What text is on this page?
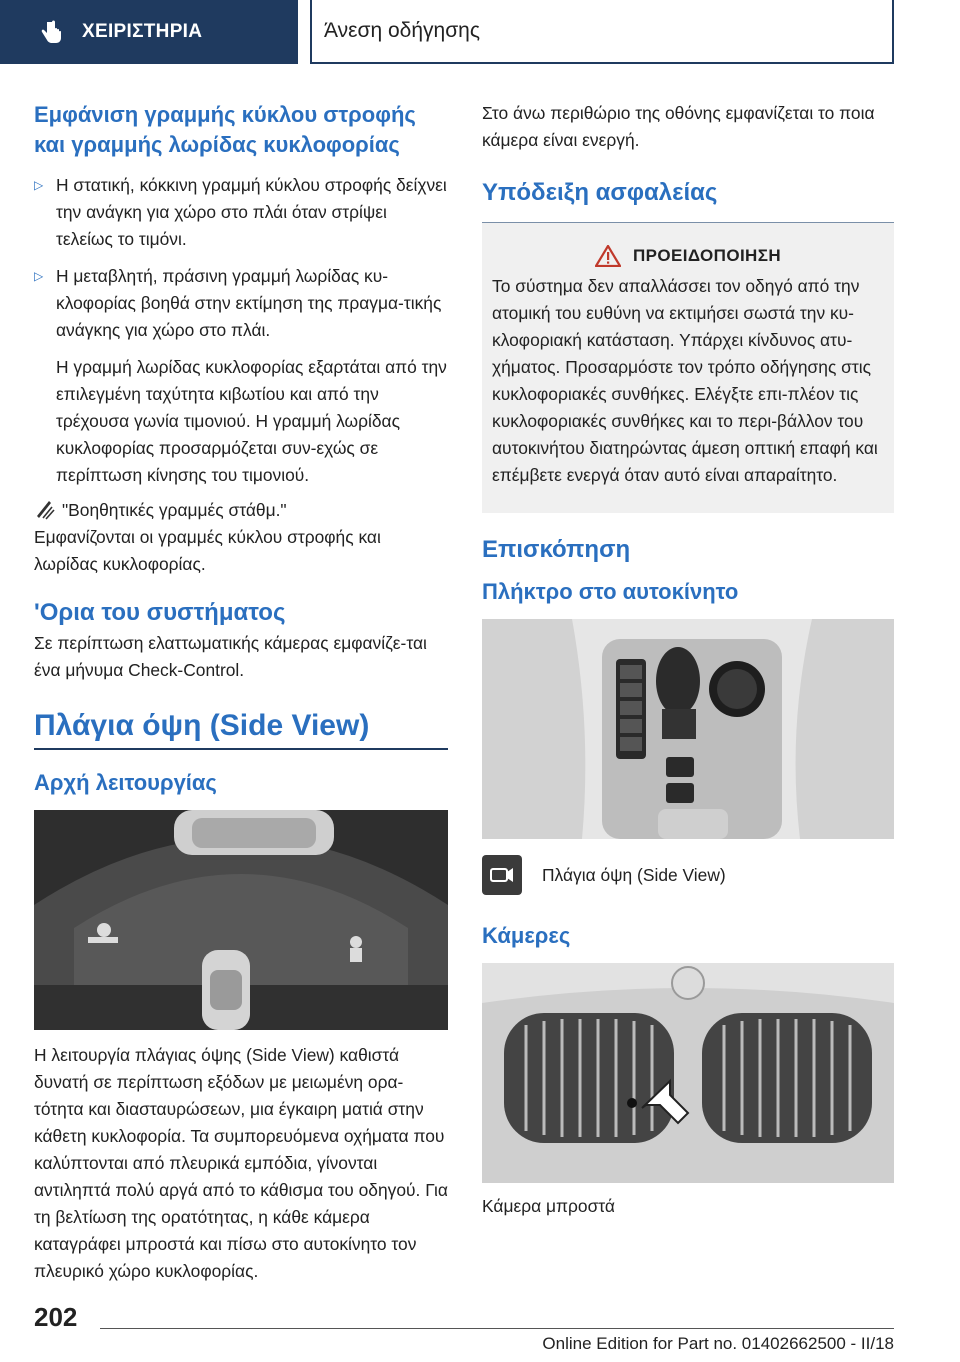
ΧΕΙΡΙΣΤΗΡΙΑ	Άνεση οδήγησης
Εμφάνιση γραμμής κύκλου στροφής και γραμμής λωρίδας κυκλοφορίας
▷ Η στατική, κόκκινη γραμμή κύκλου στροφής δείχνει την ανάγκη για χώρο στο πλάι όταν στρίψει τελείως το τιμόνι.
▷ Η μεταβλητή, πράσινη γραμμή λωρίδας κυ-κλοφορίας βοηθά στην εκτίμηση της πραγμα-τικής ανάγκης για χώρο στο πλάι.

Η γραμμή λωρίδας κυκλοφορίας εξαρτάται από την επιλεγμένη ταχύτητα κιβωτίου και από την τρέχουσα γωνία τιμονιού. Η γραμμή λωρίδας κυκλοφορίας προσαρμόζεται συν-εχώς σε περίπτωση κίνησης του τιμονιού.

"Βοηθητικές γραμμές στάθμ."

Εμφανίζονται οι γραμμές κύκλου στροφής και λωρίδας κυκλοφορίας.

'Ορια του συστήματος

Σε περίπτωση ελαττωματικής κάμερας εμφανίζε-ται ένα μήνυμα Check-Control.

Πλάγια όψη (Side View)
Αρχή λειτουργίας

Η λειτουργία πλάγιας όψης (Side View) καθιστά δυνατή σε περίπτωση εξόδων με μειωμένη ορα-τότητα και διασταυρώσεων, μια έγκαιρη ματιά στην κάθετη κυκλοφορία. Τα συμπορευόμενα οχήματα που καλύπτονται από πλευρικά εμπόδια, γίνονται αντιληπτά πολύ αργά από το κάθισμα του οδηγού. Για τη βελτίωση της ορατότητας, η κάθε κάμερα καταγράφει μπροστά και πίσω στο αυτοκίνητο τον πλευρικό χώρο κυκλοφορίας.

Στο άνω περιθώριο της οθόνης εμφανίζεται το ποια κάμερα είναι ενεργή.

Υπόδειξη ασφαλείας
ΠΡΟΕΙΔΟΠΟΙΗΣΗ

Το σύστημα δεν απαλλάσσει τον οδηγό από την ατομική του ευθύνη να εκτιμήσει σωστά την κυ-κλοφοριακή κατάσταση. Υπάρχει κίνδυνος ατυ-χήματος. Προσαρμόστε τον τρόπο οδήγησης στις κυκλοφοριακές συνθήκες. Ελέγξτε επι-πλέον τις κυκλοφοριακές συνθήκες και το περι-βάλλον του αυτοκινήτου διατηρώντας άμεση οπτική επαφή και επέμβετε ενεργά όταν αυτό είναι απαραίτητο.

Επισκόπηση
Πλήκτρο στο αυτοκίνητο
Πλάγια όψη (Side View)
Κάμερες

Κάμερα μπροστά

202
Online Edition for Part no. 01402662500 - II/18
